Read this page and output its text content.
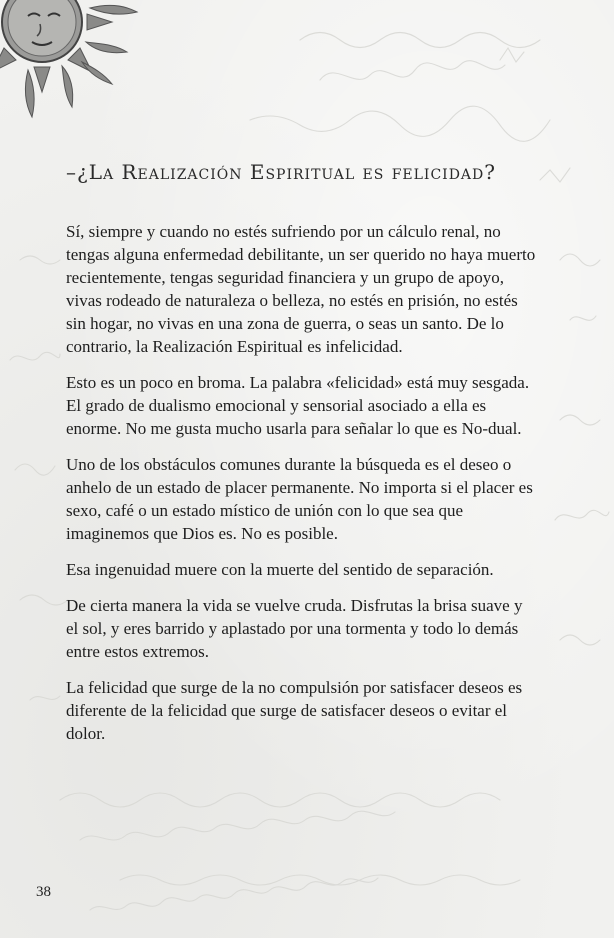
–¿La Realización Espiritual es felicidad?

Sí, siempre y cuando no estés sufriendo por un cálculo renal, no tengas alguna enfermedad debilitante, un ser querido no haya muerto recientemente, tengas seguridad financiera y un grupo de apoyo, vivas rodeado de naturaleza o belleza, no estés en prisión, no estés sin hogar, no vivas en una zona de guerra, o seas un santo. De lo contrario, la Realización Espiritual es infelicidad.

Esto es un poco en broma. La palabra «felicidad» está muy sesgada. El grado de dualismo emocional y sensorial asociado a ella es enorme. No me gusta mucho usarla para señalar lo que es No-dual.

Uno de los obstáculos comunes durante la búsqueda es el deseo o anhelo de un estado de placer permanente. No importa si el placer es sexo, café o un estado místico de unión con lo que sea que imaginemos que Dios es. No es posible.

Esa ingenuidad muere con la muerte del sentido de separación.

De cierta manera la vida se vuelve cruda. Disfrutas la brisa suave y el sol, y eres barrido y aplastado por una tormenta y todo lo demás entre estos extremos.

La felicidad que surge de la no compulsión por satisfacer deseos es diferente de la felicidad que surge de satisfacer deseos o evitar el dolor.

38
